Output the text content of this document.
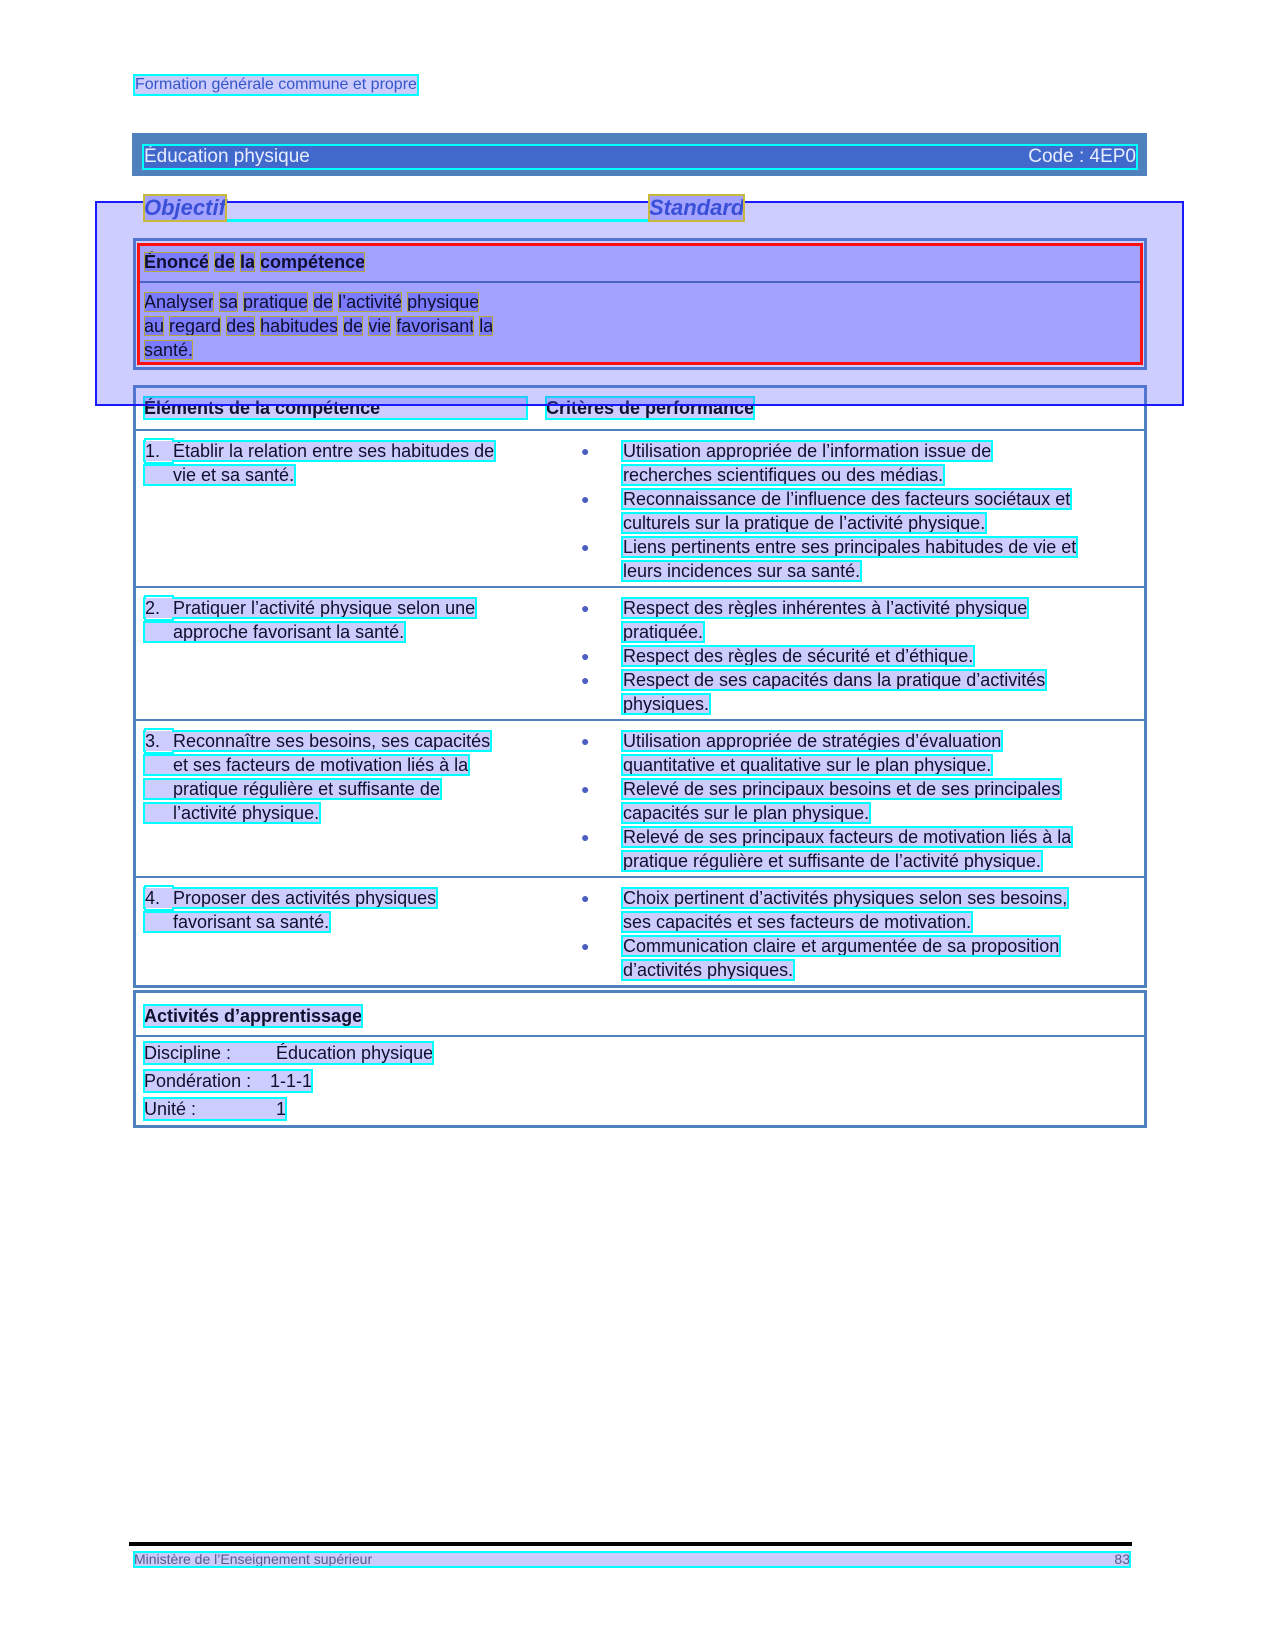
Formation générale commune et propre
Éducation physique	Code : 4EP0
Objectif	Standard
Énoncé de la compétence
Analyser sa pratique de l’activité physique
au regard des habitudes de vie favorisant la
santé.
Éléments de la compétence	Critères de performance
1. Établir la relation entre ses habitudes de
vie et sa santé.
●	Utilisation appropriée de l’information issue de
recherches scientifiques ou des médias.
●	Reconnaissance de l’influence des facteurs sociétaux et
culturels sur la pratique de l’activité physique.
●	Liens pertinents entre ses principales habitudes de vie et
leurs incidences sur sa santé.
2. Pratiquer l’activité physique selon une
approche favorisant la santé.
●	Respect des règles inhérentes à l’activité physique
pratiquée.
●	Respect des règles de sécurité et d’éthique.
●	Respect de ses capacités dans la pratique d’activités
physiques.
3. Reconnaître ses besoins, ses capacités
et ses facteurs de motivation liés à la
pratique régulière et suffisante de
l’activité physique.
●	Utilisation appropriée de stratégies d’évaluation
quantitative et qualitative sur le plan physique.
●	Relevé de ses principaux besoins et de ses principales
capacités sur le plan physique.
●	Relevé de ses principaux facteurs de motivation liés à la
pratique régulière et suffisante de l’activité physique.
4. Proposer des activités physiques
favorisant sa santé.
●	Choix pertinent d’activités physiques selon ses besoins,
ses capacités et ses facteurs de motivation.
●	Communication claire et argumentée de sa proposition
d’activités physiques.
Activités d’apprentissage
Discipline : Éducation physique
Pondération : 1-1-1
Unité :	1
Ministère de l’Enseignement supérieur	83
